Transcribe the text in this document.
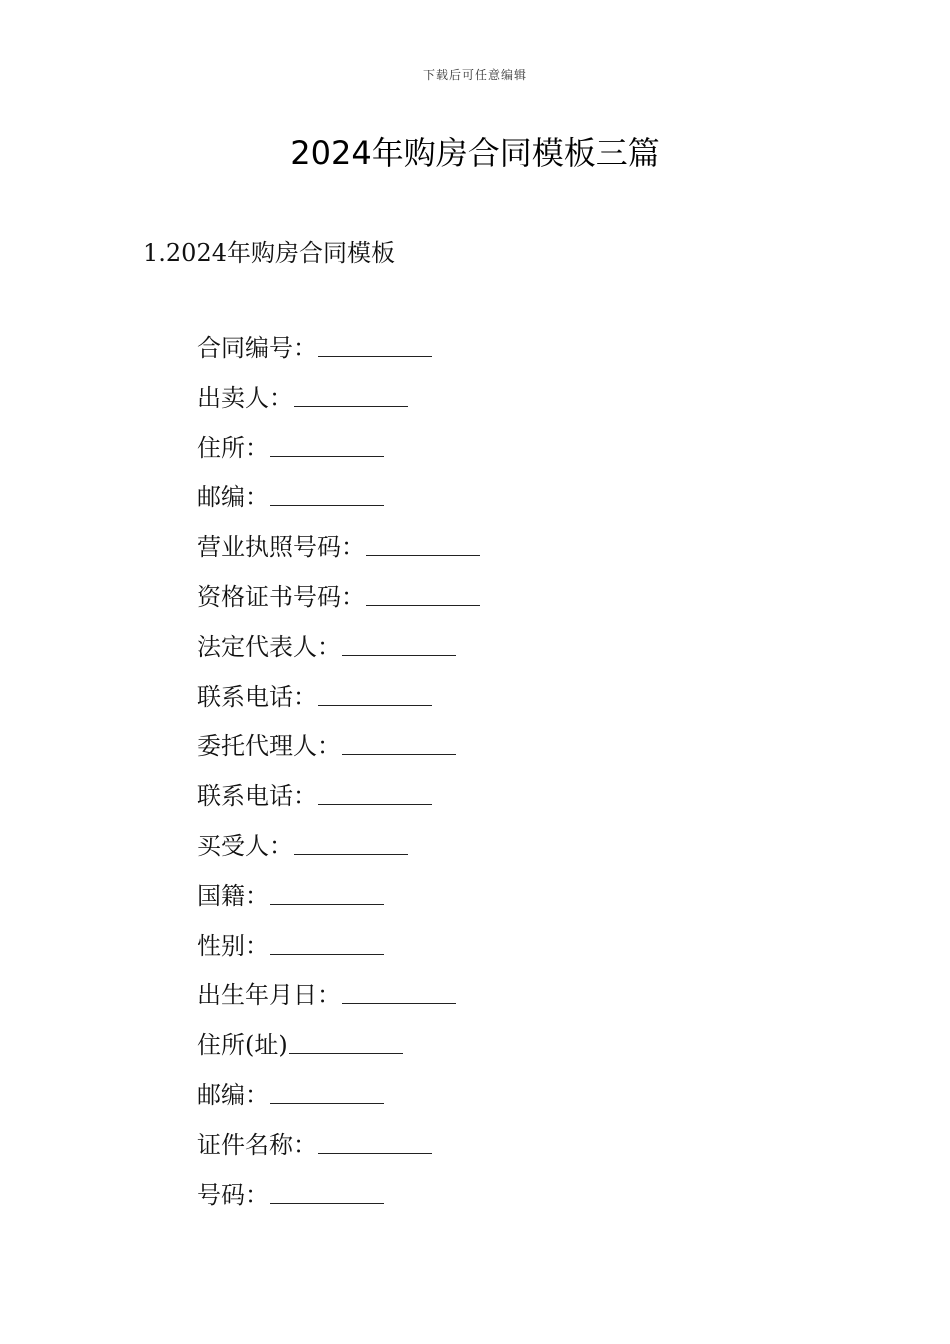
下载后可任意编辑
2024年购房合同模板三篇
1.2024年购房合同模板
合同编号：
出卖人：
住所：
邮编：
营业执照号码：
资格证书号码：
法定代表人：
联系电话：
委托代理人：
联系电话：
买受人：
国籍：
性别：
出生年月日：
住所(址)
邮编：
证件名称：
号码：
